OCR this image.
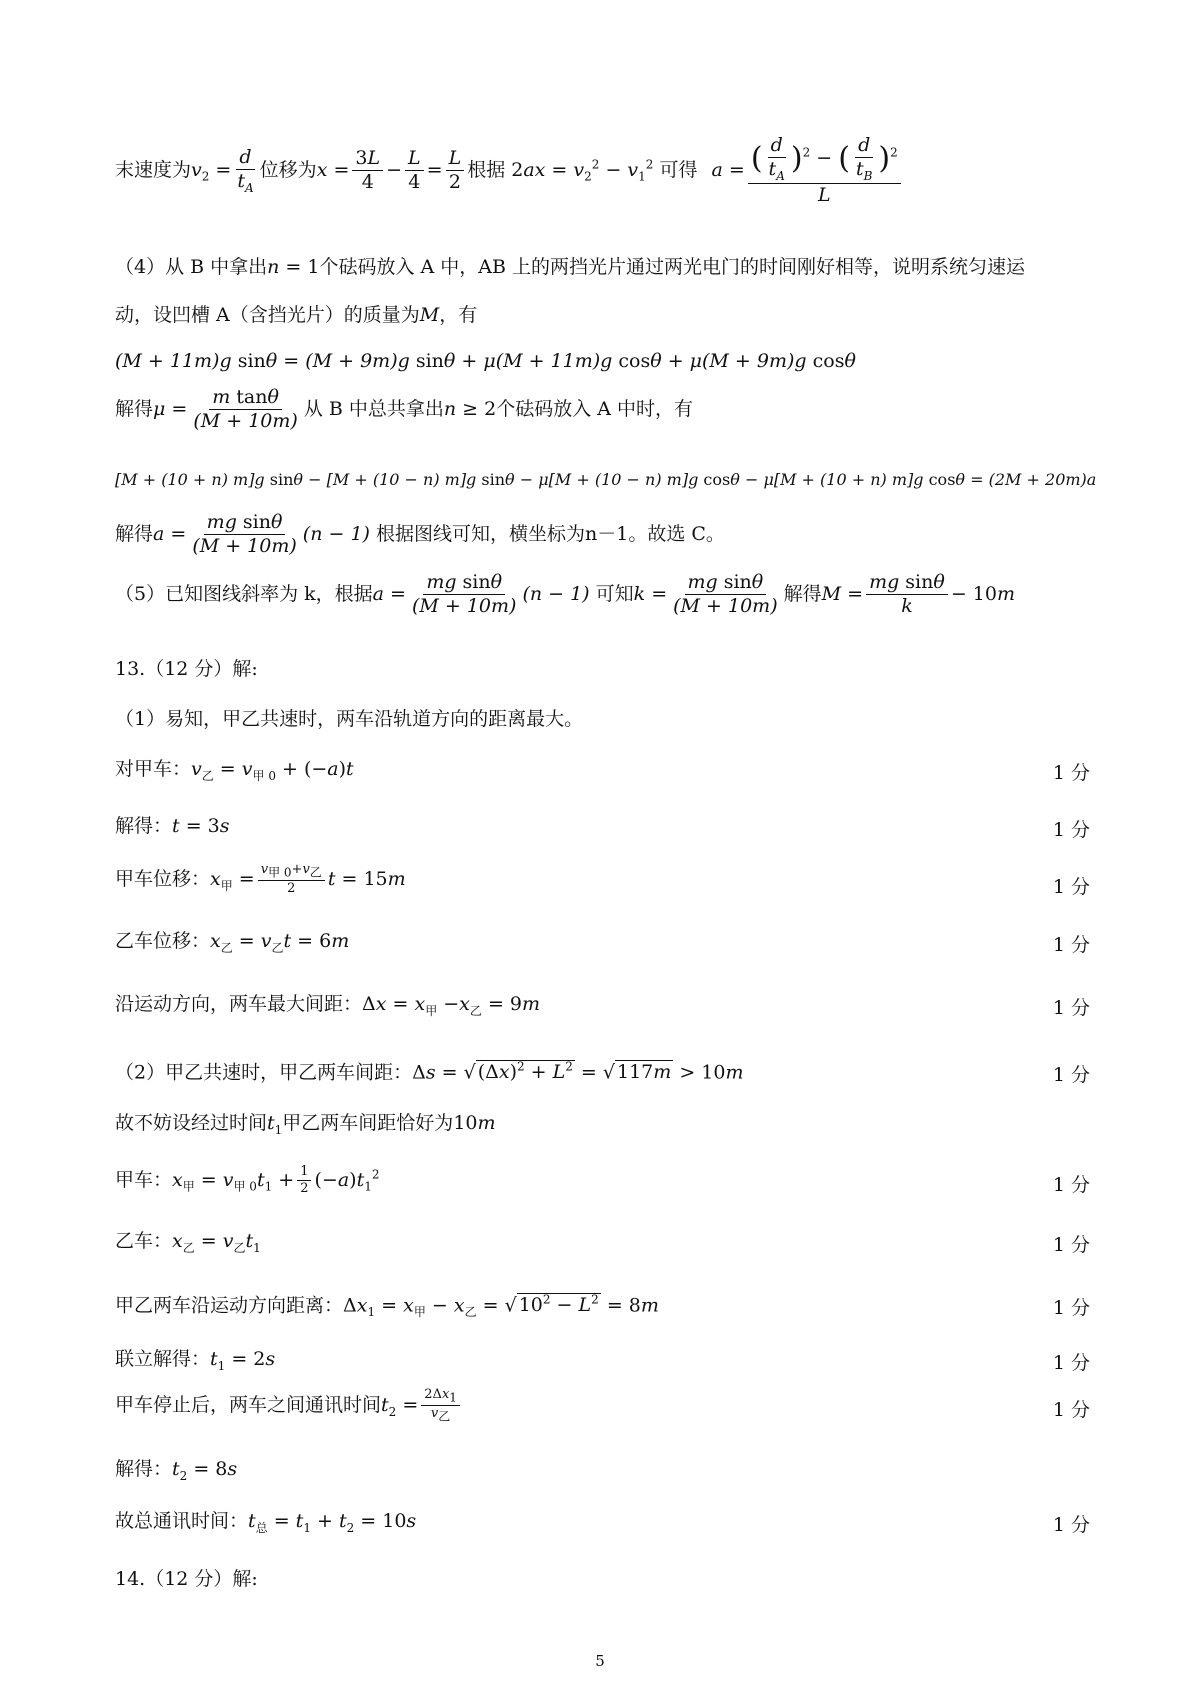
末速度为$v_2 = \frac{d}{t_A}$ 位移为$x = \frac{3L}{4} - \frac{L}{4} = \frac{L}{2}$ 根据 $2ax = v_2^2 - v_1^2$ 可得 $a = \frac{( \frac{d}{t_A} )^2 - ( \frac{d}{t_B} )^2}{L}$
（4）从 B 中拿出n = 1个砝码放入 A 中，AB 上的两挡光片通过两光电门的时间刚好相等，说明系统匀速运
动，设凹槽 A（含挡光片）的质量为M，有
(M + 11m)g sinθ = (M + 9m)g sinθ + μ(M + 11m)g cosθ + μ(M + 9m)g cosθ
解得$\mu = \frac{\text{m tanθ}}{(M + 10m)}$ 从 B 中总共拿出n ≥ 2个砝码放入 A 中时，有
[M + (10 + n) m]g sinθ − [M + (10 − n) m]g sinθ − μ[M + (10 − n) m]g cosθ − μ[M + (10 + n) m]g cosθ = (2M + 20m)a
解得$a = \frac{\text{mg sinθ}}{(M + 10m)} (n - 1)$ 根据图线可知，横坐标为n－1。故选 C。
（5）已知图线斜率为 k，根据$a = \frac{\text{mg sinθ}}{(M + 10m)} (n - 1)$ 可知$k = \frac{\text{mg sinθ}}{(M + 10m)}$ 解得$M = \frac{\text{mg sinθ}}{k} - 10m$
13.（12 分）解:
（1）易知，甲乙共速时，两车沿轨道方向的距离最大。
对甲车：$v_乙 = v_{甲 0} + (-a)t$	1 分
解得：t = 3s	1 分
甲车位移：$x_甲 = \frac{v_{甲 0}+v_乙}{2}$ t = 15m	1 分
乙车位移：$x_乙 = v_乙t = 6m$	1 分
沿运动方向，两车最大间距：$\Delta x = x_甲 -x_乙 = 9m$	1 分
（2）甲乙共速时，甲乙两车间距：Δs = √ $(\Delta x)^2 + L^2$ = √ 117m > 10m	1 分
故不妨设经过时间$t_1$甲乙两车间距恰好为10m
甲车：$x_甲 = v_{甲 0}t_1 + \frac{1}{2} (-a)t_1^2$	1 分
乙车：$x_乙 = v_乙t_1$	1 分
甲乙两车沿运动方向距离：$\Delta x_1 = x_甲 - x_乙$ = √ $10^2 - L^2 = 8m$	1 分
联立解得：$t_1 = 2s$	1 分
甲车停止后，两车之间通讯时间$t_2 = \frac{2\Delta x_1}{v_乙}$	1 分
解得：$t_2 = 8s$
故总通讯时间：$t_总 = t_1 + t_2 = 10s$	1 分
14.（12 分）解:
5
